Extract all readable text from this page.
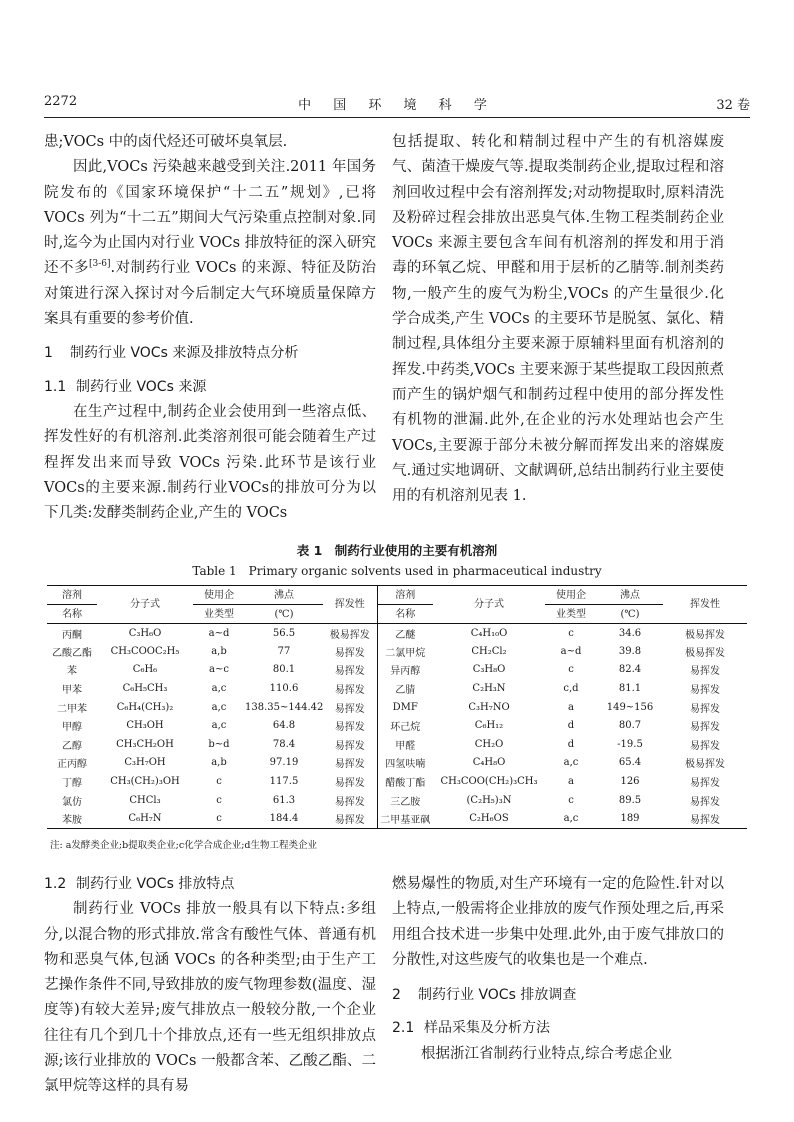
2272	中 国 环 境 科 学	32 卷

患;VOCs 中的卤代烃还可破坏臭氧层.

因此,VOCs 污染越来越受到关注.2011 年国务院发布的《国家环境保护“十二五”规划》,已将 VOCs 列为“十二五”期间大气污染重点控制对象.同时,迄今为止国内对行业 VOCs 排放特征的深入研究还不多[3-6].对制药行业 VOCs 的来源、特征及防治对策进行深入探讨对今后制定大气环境质量保障方案具有重要的参考价值.

1 制药行业 VOCs 来源及排放特点分析
1.1 制药行业 VOCs 来源

在生产过程中,制药企业会使用到一些溶点低、挥发性好的有机溶剂.此类溶剂很可能会随着生产过程挥发出来而导致 VOCs 污染.此环节是该行业VOCs的主要来源.制药行业VOCs的排放可分为以下几类:发酵类制药企业,产生的 VOCs

包括提取、转化和精制过程中产生的有机溶媒废气、菌渣干燥废气等.提取类制药企业,提取过程和溶剂回收过程中会有溶剂挥发;对动物提取时,原料清洗及粉碎过程会排放出恶臭气体.生物工程类制药企业 VOCs 来源主要包含车间有机溶剂的挥发和用于消毒的环氧乙烷、甲醛和用于层析的乙腈等.制剂类药物,一般产生的废气为粉尘,VOCs 的产生量很少.化学合成类,产生 VOCs 的主要环节是脱氢、氯化、精制过程,具体组分主要来源于原辅料里面有机溶剂的挥发.中药类,VOCs 主要来源于某些提取工段因煎煮而产生的锅炉烟气和制药过程中使用的部分挥发性有机物的泄漏.此外,在企业的污水处理站也会产生VOCs,主要源于部分未被分解而挥发出来的溶媒废气.通过实地调研、文献调研,总结出制药行业主要使用的有机溶剂见表 1.

表 1　制药行业使用的主要有机溶剂
Table 1　Primary organic solvents used in pharmaceutical industry
溶剂	分子式	使用企	沸点	挥发性	溶剂	分子式	使用企	沸点	挥发性
名称		业类型	(℃)		名称		业类型	(℃)	
丙酮	C₃H₆O	a~d	56.5	极易挥发	乙醚	C₄H₁₀O	c	34.6	极易挥发
乙酸乙酯	CH₃COOC₂H₅	a,b	77	易挥发	二氯甲烷	CH₂Cl₂	a~d	39.8	极易挥发
苯	C₆H₆	a~c	80.1	易挥发	异丙醇	C₃H₈O	c	82.4	易挥发
甲苯	C₆H₅CH₃	a,c	110.6	易挥发	乙腈	C₂H₃N	c,d	81.1	易挥发
二甲苯	C₆H₄(CH₃)₂	a,c	138.35~144.42	易挥发	DMF	C₃H₇NO	a	149~156	易挥发
甲醇	CH₃OH	a,c	64.8	易挥发	环己烷	C₆H₁₂	d	80.7	易挥发
乙醇	CH₃CH₂OH	b~d	78.4	易挥发	甲醛	CH₂O	d	-19.5	易挥发
正丙醇	C₃H₇OH	a,b	97.19	易挥发	四氢呋喃	C₄H₈O	a,c	65.4	极易挥发
丁醇	CH₃(CH₂)₃OH	c	117.5	易挥发	醋酸丁酯	CH₃COO(CH₂)₃CH₃	a	126	易挥发
氯仿	CHCl₃	c	61.3	易挥发	三乙胺	(C₂H₅)₃N	c	89.5	易挥发
苯胺	C₆H₇N	c	184.4	易挥发	二甲基亚砜	C₂H₆OS	a,c	189	易挥发
注: a发酵类企业;b提取类企业;c化学合成企业;d生物工程类企业
1.2 制药行业 VOCs 排放特点

制药行业 VOCs 排放一般具有以下特点:多组分,以混合物的形式排放.常含有酸性气体、普通有机物和恶臭气体,包涵 VOCs 的各种类型;由于生产工艺操作条件不同,导致排放的废气物理参数(温度、湿度等)有较大差异;废气排放点一般较分散,一个企业往往有几个到几十个排放点,还有一些无组织排放点源;该行业排放的 VOCs 一般都含苯、乙酸乙酯、二氯甲烷等这样的具有易

燃易爆性的物质,对生产环境有一定的危险性.针对以上特点,一般需将企业排放的废气作预处理之后,再采用组合技术进一步集中处理.此外,由于废气排放口的分散性,对这些废气的收集也是一个难点.

2 制药行业 VOCs 排放调查
2.1 样品采集及分析方法

根据浙江省制药行业特点,综合考虑企业
